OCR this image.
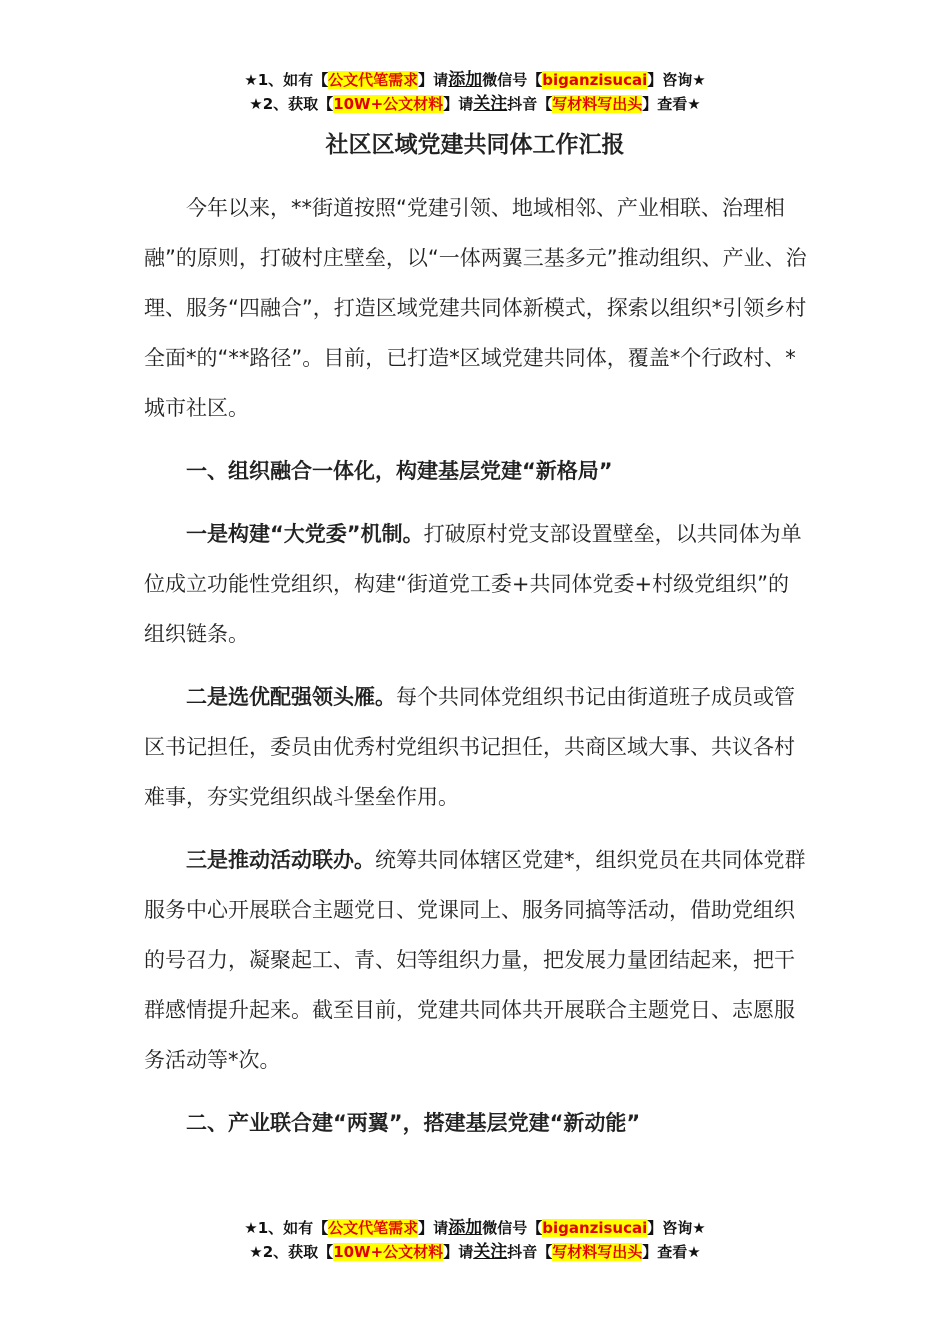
★1、如有【公文代笔需求】请添加微信号【biganzisucai】咨询★
★2、获取【10W+公文材料】请关注抖音【写材料写出头】查看★
社区区域党建共同体工作汇报

今年以来，**街道按照“党建引领、地域相邻、产业相联、治理相融”的原则，打破村庄壁垒，以“一体两翼三基多元”推动组织、产业、治理、服务“四融合”，打造区域党建共同体新模式，探索以组织*引领乡村全面*的“**路径”。目前，已打造*区域党建共同体，覆盖*个行政村、*城市社区。

一、组织融合一体化，构建基层党建“新格局”

一是构建“大党委”机制。打破原村党支部设置壁垒，以共同体为单位成立功能性党组织，构建“街道党工委+共同体党委+村级党组织”的组织链条。

二是选优配强领头雁。每个共同体党组织书记由街道班子成员或管区书记担任，委员由优秀村党组织书记担任，共商区域大事、共议各村难事，夯实党组织战斗堡垒作用。

三是推动活动联办。统筹共同体辖区党建*，组织党员在共同体党群服务中心开展联合主题党日、党课同上、服务同搞等活动，借助党组织的号召力，凝聚起工、青、妇等组织力量，把发展力量团结起来，把干群感情提升起来。截至目前，党建共同体共开展联合主题党日、志愿服务活动等*次。

二、产业联合建“两翼”，搭建基层党建“新动能”

★1、如有【公文代笔需求】请添加微信号【biganzisucai】咨询★
★2、获取【10W+公文材料】请关注抖音【写材料写出头】查看★
